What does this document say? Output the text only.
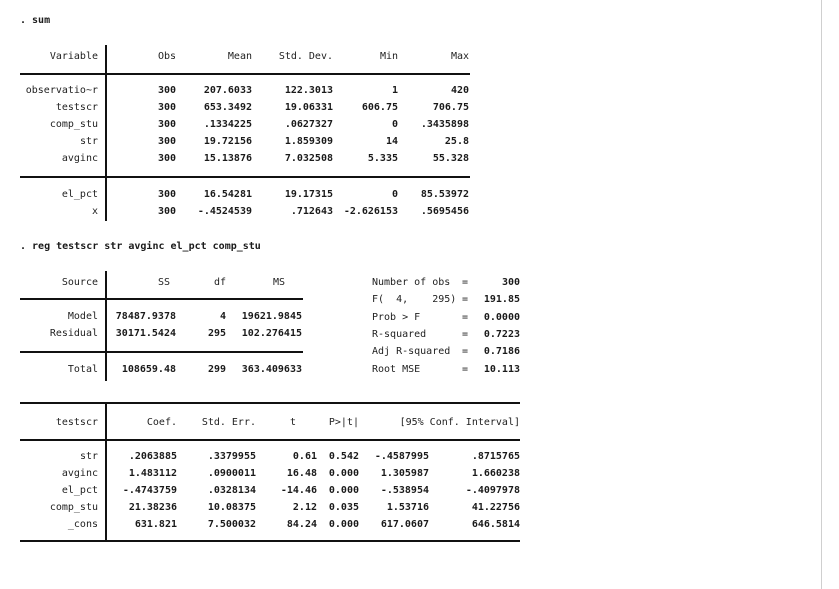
. sum
Variable	Obs	Mean	Std. Dev.	Min	Max
observatio~r	300	207.6033	122.3013	1	420
testscr	300	653.3492	19.06331	606.75	706.75
comp_stu	300	.1334225	.0627327	0	.3435898
str	300	19.72156	1.859309	14	25.8
avginc	300	15.13876	7.032508	5.335	55.328
el_pct	300	16.54281	19.17315	0	85.53972
x	300	-.4524539	.712643	-2.626153	.5695456
. reg testscr str avginc el_pct comp_stu
Source	SS	df	MS
Model	78487.9378	4	19621.9845
Residual	30171.5424	295	102.276415
Total	108659.48	299	363.409633
Number of obs	=	300
F(  4,    295) =	191.85
Prob > F	=	0.0000
R-squared	=	0.7223
Adj R-squared	=	0.7186
Root MSE	=	10.113
testscr	Coef.	Std. Err.	t	P>|t|	[95% Conf. Interval]
str	.2063885	.3379955	0.61	0.542	-.4587995	.8715765
avginc	1.483112	.0900011	16.48	0.000	1.305987	1.660238
el_pct	-.4743759	.0328134	-14.46	0.000	-.538954	-.4097978
comp_stu	21.38236	10.08375	2.12	0.035	1.53716	41.22756
_cons	631.821	7.500032	84.24	0.000	617.0607	646.5814
